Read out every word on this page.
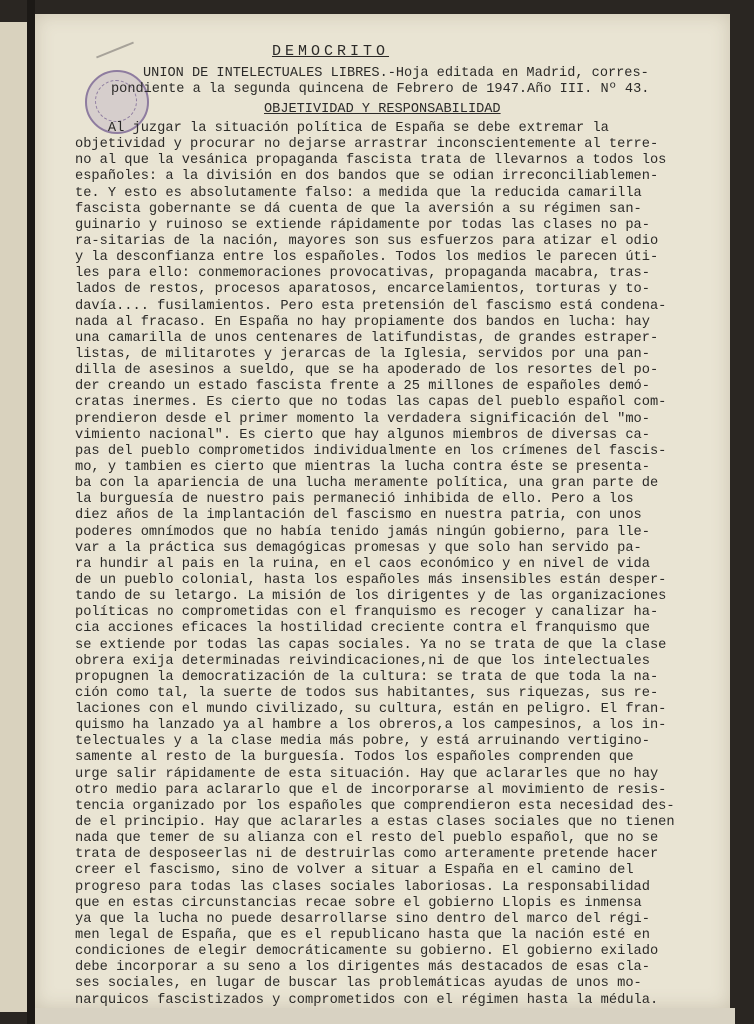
DEMOCRITO
UNION DE INTELECTUALES LIBRES.-Hoja editada en Madrid, corres-
pondiente a la segunda quincena de Febrero de 1947.Año III. Nº 43.
OBJETIVIDAD Y RESPONSABILIDAD
Al juzgar la situación política de España se debe extremar la
objetividad y procurar no dejarse arrastrar inconscientemente al terre-
no al que la vesánica propaganda fascista trata de llevarnos a todos los
españoles: a la división en dos bandos que se odian irreconciliablemen-
te. Y esto es absolutamente falso: a medida que la reducida camarilla
fascista gobernante se dá cuenta de que la aversión a su régimen san-
guinario y ruinoso se extiende rápidamente por todas las clases no pa-
ra-sitarias de la nación, mayores son sus esfuerzos para atizar el odio
y la desconfianza entre los españoles. Todos los medios le parecen úti-
les para ello: conmemoraciones provocativas, propaganda macabra, tras-
lados de restos, procesos aparatosos, encarcelamientos, torturas y to-
davía.... fusilamientos. Pero esta pretensión del fascismo está condena-
nada al fracaso. En España no hay propiamente dos bandos en lucha: hay
una camarilla de unos centenares de latifundistas, de grandes estraper-
listas, de militarotes y jerarcas de la Iglesia, servidos por una pan-
dilla de asesinos a sueldo, que se ha apoderado de los resortes del po-
der creando un estado fascista frente a 25 millones de españoles demó-
cratas inermes. Es cierto que no todas las capas del pueblo español com-
prendieron desde el primer momento la verdadera significación del "mo-
vimiento nacional". Es cierto que hay algunos miembros de diversas ca-
pas del pueblo comprometidos individualmente en los crímenes del fascis-
mo, y tambien es cierto que mientras la lucha contra éste se presenta-
ba con la apariencia de una lucha meramente política, una gran parte de
la burguesía de nuestro pais permaneció inhibida de ello. Pero a los
diez años de la implantación del fascismo en nuestra patria, con unos
poderes omnímodos que no había tenido jamás ningún gobierno, para lle-
var a la práctica sus demagógicas promesas y que solo han servido pa-
ra hundir al pais en la ruina, en el caos económico y en nivel de vida
de un pueblo colonial, hasta los españoles más insensibles están desper-
tando de su letargo. La misión de los dirigentes y de las organizaciones
políticas no comprometidas con el franquismo es recoger y canalizar ha-
cia acciones eficaces la hostilidad creciente contra el franquismo que
se extiende por todas las capas sociales. Ya no se trata de que la clase
obrera exija determinadas reivindicaciones,ni de que los intelectuales
propugnen la democratización de la cultura: se trata de que toda la na-
ción como tal, la suerte de todos sus habitantes, sus riquezas, sus re-
laciones con el mundo civilizado, su cultura, están en peligro. El fran-
quismo ha lanzado ya al hambre a los obreros,a los campesinos, a los in-
telectuales y a la clase media más pobre, y está arruinando vertigino-
samente al resto de la burguesía. Todos los españoles comprenden que
urge salir rápidamente de esta situación. Hay que aclararles que no hay
otro medio para aclararlo que el de incorporarse al movimiento de resis-
tencia organizado por los españoles que comprendieron esta necesidad des-
de el principio. Hay que aclararles a estas clases sociales que no tienen
nada que temer de su alianza con el resto del pueblo español, que no se
trata de desposeerlas ni de destruirlas como arteramente pretende hacer
creer el fascismo, sino de volver a situar a España en el camino del
progreso para todas las clases sociales laboriosas. La responsabilidad
que en estas circunstancias recae sobre el gobierno Llopis es inmensa
ya que la lucha no puede desarrollarse sino dentro del marco del régi-
men legal de España, que es el republicano hasta que la nación esté en
condiciones de elegir democráticamente su gobierno. El gobierno exilado
debe incorporar a su seno a los dirigentes más destacados de esas cla-
ses sociales, en lugar de buscar las problemáticas ayudas de unos mo-
narquicos fascistizados y comprometidos con el régimen hasta la médula.
